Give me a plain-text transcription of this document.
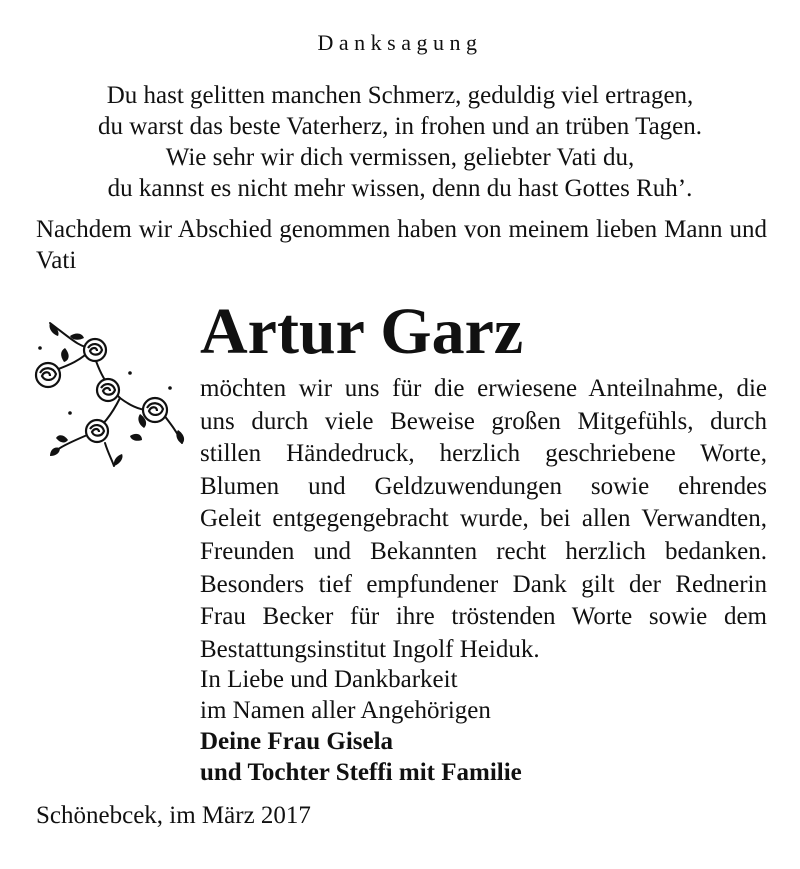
Danksagung
Du hast gelitten manchen Schmerz, geduldig viel ertragen,
du warst das beste Vaterherz, in frohen und an trüben Tagen.
Wie sehr wir dich vermissen, geliebter Vati du,
du kannst es nicht mehr wissen, denn du hast Gottes Ruh’.
Nachdem wir Abschied genommen haben von meinem lieben Mann und Vati
Artur Garz
möchten wir uns für die erwiesene Anteilnahme, die
uns durch viele Beweise großen Mitgefühls, durch
stillen Händedruck, herzlich geschriebene Worte,
Blumen und Geldzuwendungen sowie ehrendes
Geleit entgegengebracht wurde, bei allen Verwandten,
Freunden und Bekannten recht herzlich bedanken.
Besonders tief empfundener Dank gilt der Rednerin
Frau Becker für ihre tröstenden Worte sowie dem
Bestattungsinstitut Ingolf Heiduk.
In Liebe und Dankbarkeit
im Namen aller Angehörigen
Deine Frau Gisela
und Tochter Steffi mit Familie
Schönebcek, im März 2017
